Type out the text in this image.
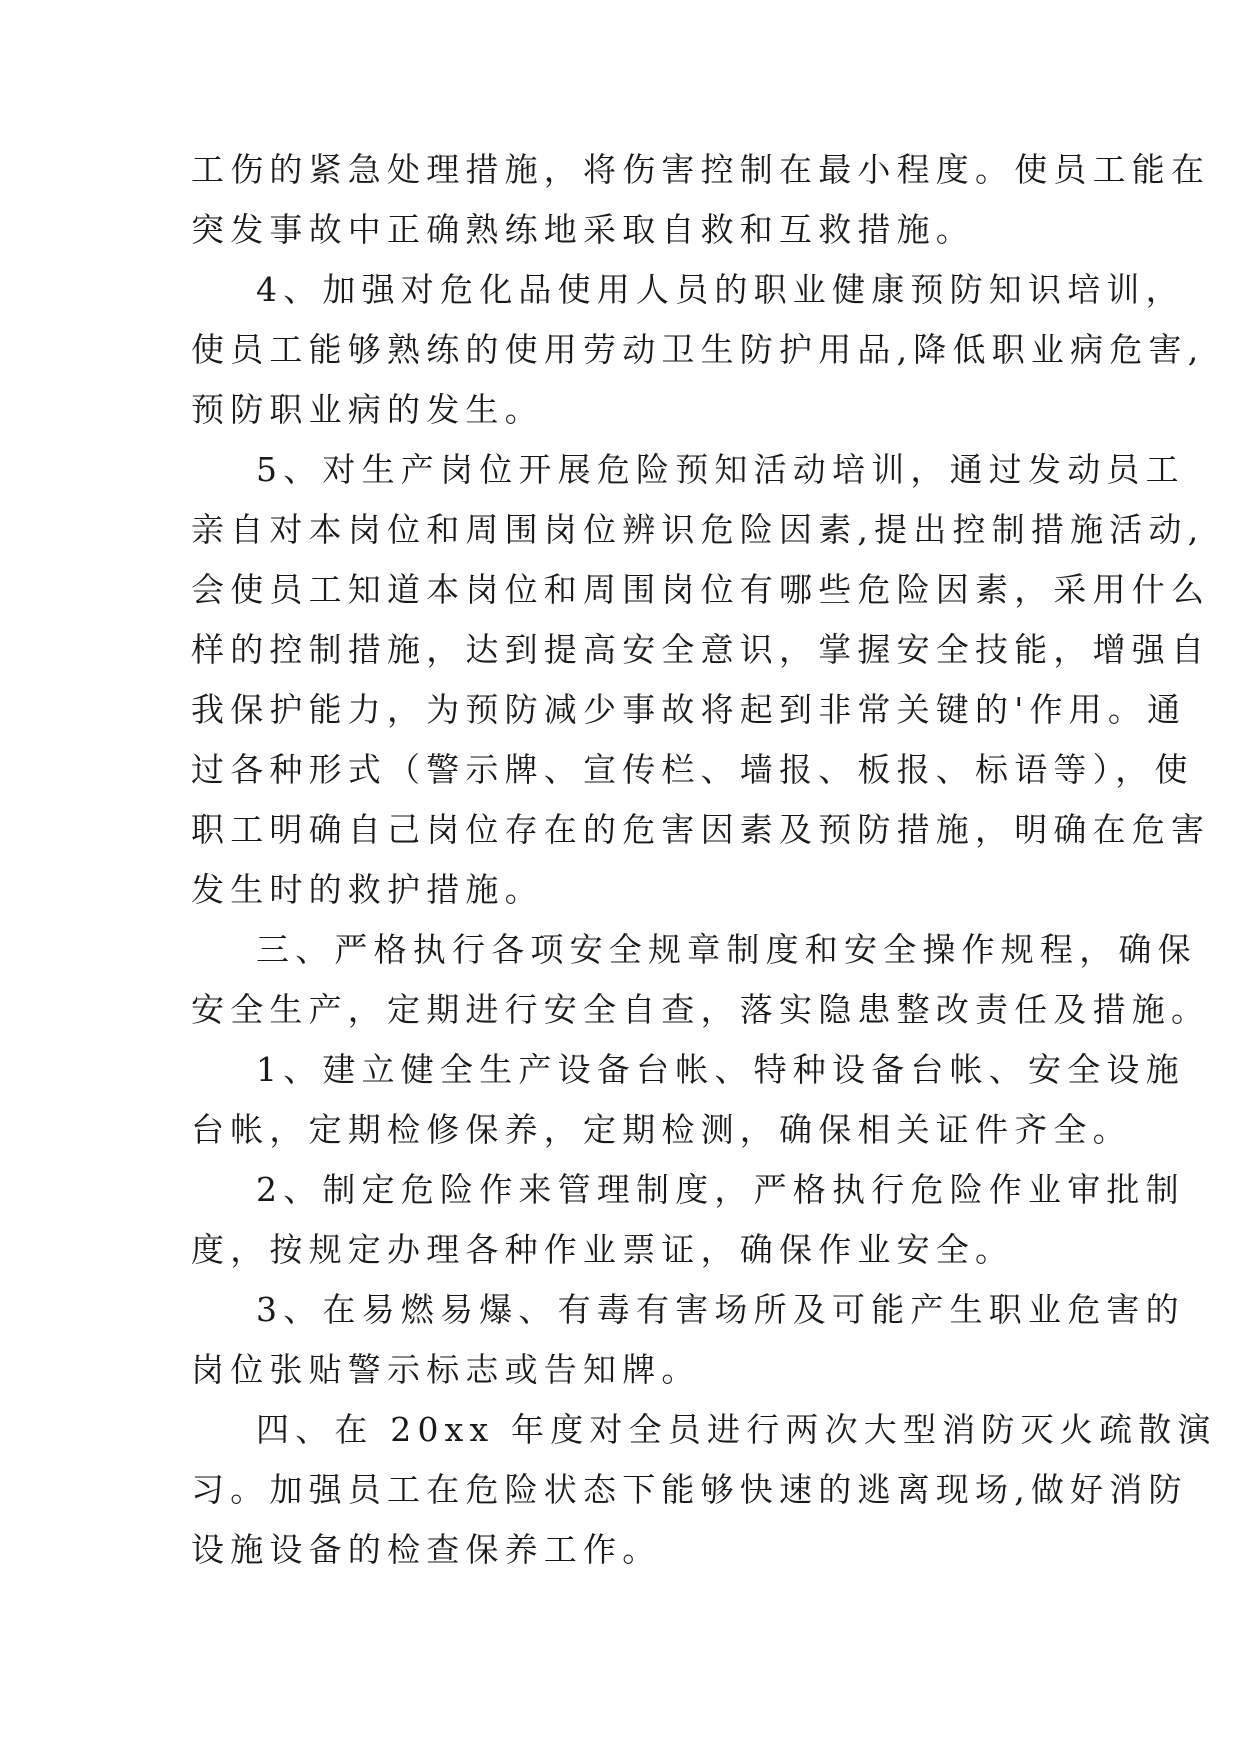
工伤的紧急处理措施，将伤害控制在最小程度。使员工能在
突发事故中正确熟练地采取自救和互救措施。
4、加强对危化品使用人员的职业健康预防知识培训，
使员工能够熟练的使用劳动卫生防护用品,降低职业病危害,
预防职业病的发生。
5、对生产岗位开展危险预知活动培训，通过发动员工
亲自对本岗位和周围岗位辨识危险因素,提出控制措施活动,
会使员工知道本岗位和周围岗位有哪些危险因素，采用什么
样的控制措施，达到提高安全意识，掌握安全技能，增强自
我保护能力，为预防减少事故将起到非常关键的'作用。通
过各种形式（警示牌、宣传栏、墙报、板报、标语等），使
职工明确自己岗位存在的危害因素及预防措施，明确在危害
发生时的救护措施。
三、严格执行各项安全规章制度和安全操作规程，确保
安全生产，定期进行安全自查，落实隐患整改责任及措施。
1、建立健全生产设备台帐、特种设备台帐、安全设施
台帐，定期检修保养，定期检测，确保相关证件齐全。
2、制定危险作来管理制度，严格执行危险作业审批制
度，按规定办理各种作业票证，确保作业安全。
3、在易燃易爆、有毒有害场所及可能产生职业危害的
岗位张贴警示标志或告知牌。
四、在 20xx 年度对全员进行两次大型消防灭火疏散演
习。加强员工在危险状态下能够快速的逃离现场,做好消防
设施设备的检查保养工作。
